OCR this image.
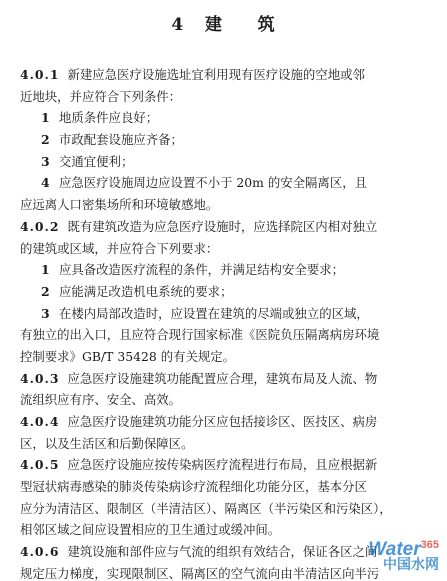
4   建     筑
4.0.1 新建应急医疗设施选址宜利用现有医疗设施的空地或邻
近地块，并应符合下列条件：
1 地质条件应良好；
2 市政配套设施应齐备；
3 交通宜便利；
4 应急医疗设施周边应设置不小于 20m 的安全隔离区，且
应远离人口密集场所和环境敏感地。
4.0.2 既有建筑改造为应急医疗设施时，应选择院区内相对独立
的建筑或区域，并应符合下列要求：
1 应具备改造医疗流程的条件，并满足结构安全要求；
2 应能满足改造机电系统的要求；
3 在楼内局部改造时，应设置在建筑的尽端或独立的区域，
有独立的出入口，且应符合现行国家标准《医院负压隔离病房环境
控制要求》GB/T 35428 的有关规定。
4.0.3 应急医疗设施建筑功能配置应合理，建筑布局及人流、物
流组织应有序、安全、高效。
4.0.4 应急医疗设施建筑功能分区应包括接诊区、医技区、病房
区，以及生活区和后勤保障区。
4.0.5 应急医疗设施应按传染病医疗流程进行布局，且应根据新
型冠状病毒感染的肺炎传染病诊疗流程细化功能分区，基本分区
应分为清洁区、限制区（半清洁区）、隔离区（半污染区和污染区），
相邻区域之间应设置相应的卫生通过或缓冲间。
4.0.6 建筑设施和部件应与气流的组织有效结合，保证各区之间
规定压力梯度，实现限制区、隔离区的空气流向由半清洁区向半污
Water$^{365}$
中国水网
